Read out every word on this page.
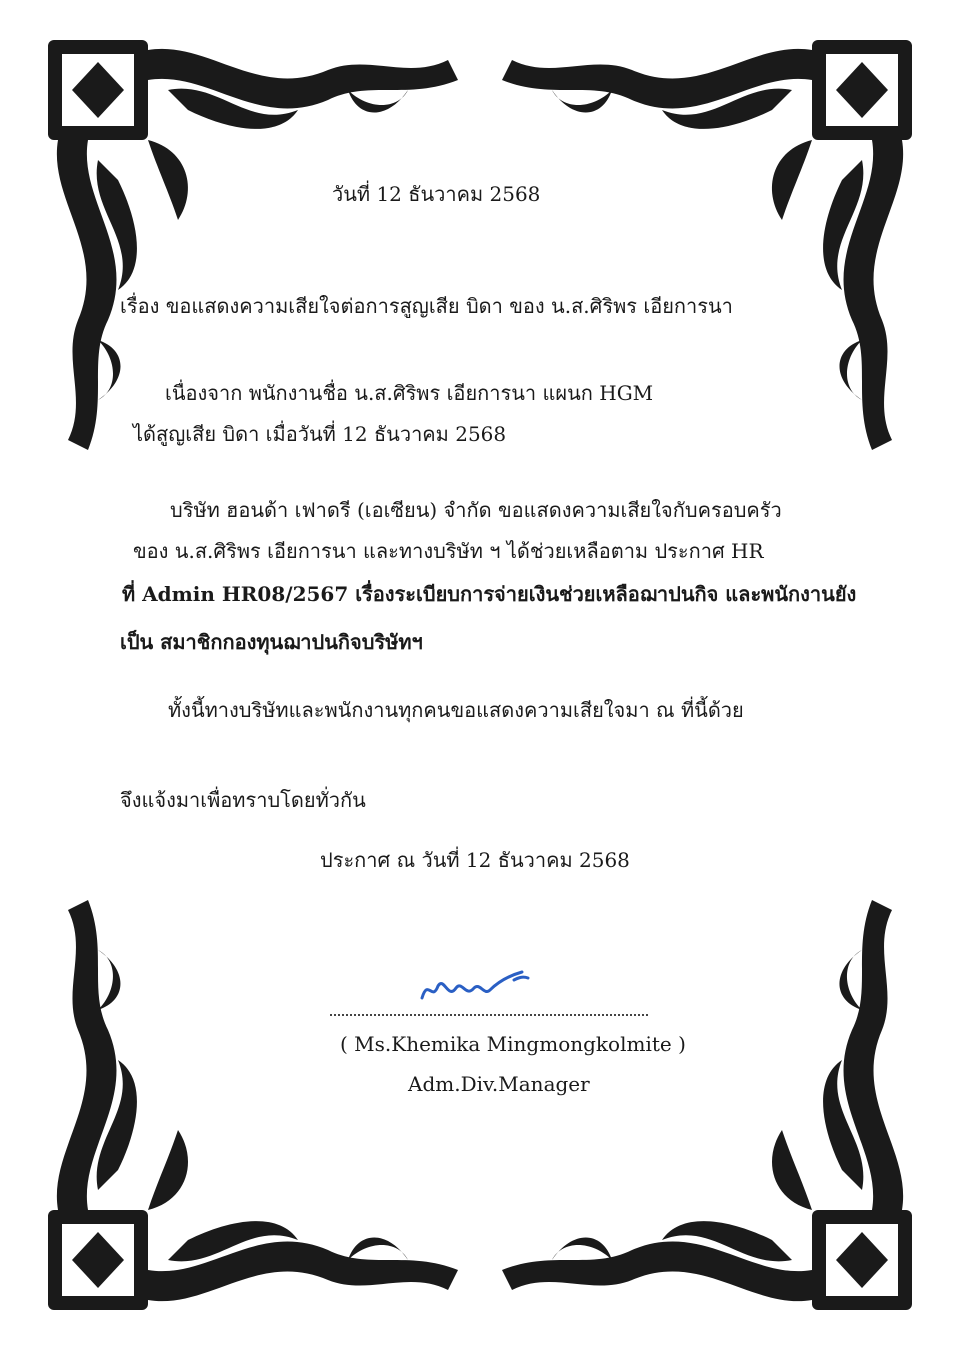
วันที่ 12 ธันวาคม 2568
เรื่อง ขอแสดงความเสียใจต่อการสูญเสีย บิดา ของ น.ส.ศิริพร เอียการนา
เนื่องจาก พนักงานชื่อ น.ส.ศิริพร เอียการนา แผนก HGM
ได้สูญเสีย บิดา เมื่อวันที่ 12 ธันวาคม 2568
บริษัท ฮอนด้า เฟาดรี (เอเซียน) จำกัด ขอแสดงความเสียใจกับครอบครัว
ของ น.ส.ศิริพร เอียการนา และทางบริษัท ฯ ได้ช่วยเหลือตาม ประกาศ HR
ที่ Admin HR08/2567 เรื่องระเบียบการจ่ายเงินช่วยเหลือฌาปนกิจ และพนักงานยัง
เป็น สมาชิกกองทุนฌาปนกิจบริษัทฯ
ทั้งนี้ทางบริษัทและพนักงานทุกคนขอแสดงความเสียใจมา ณ ที่นี้ด้วย
จึงแจ้งมาเพื่อทราบโดยทั่วกัน
ประกาศ ณ วันที่ 12 ธันวาคม 2568
( Ms.Khemika Mingmongkolmite )
Adm.Div.Manager
